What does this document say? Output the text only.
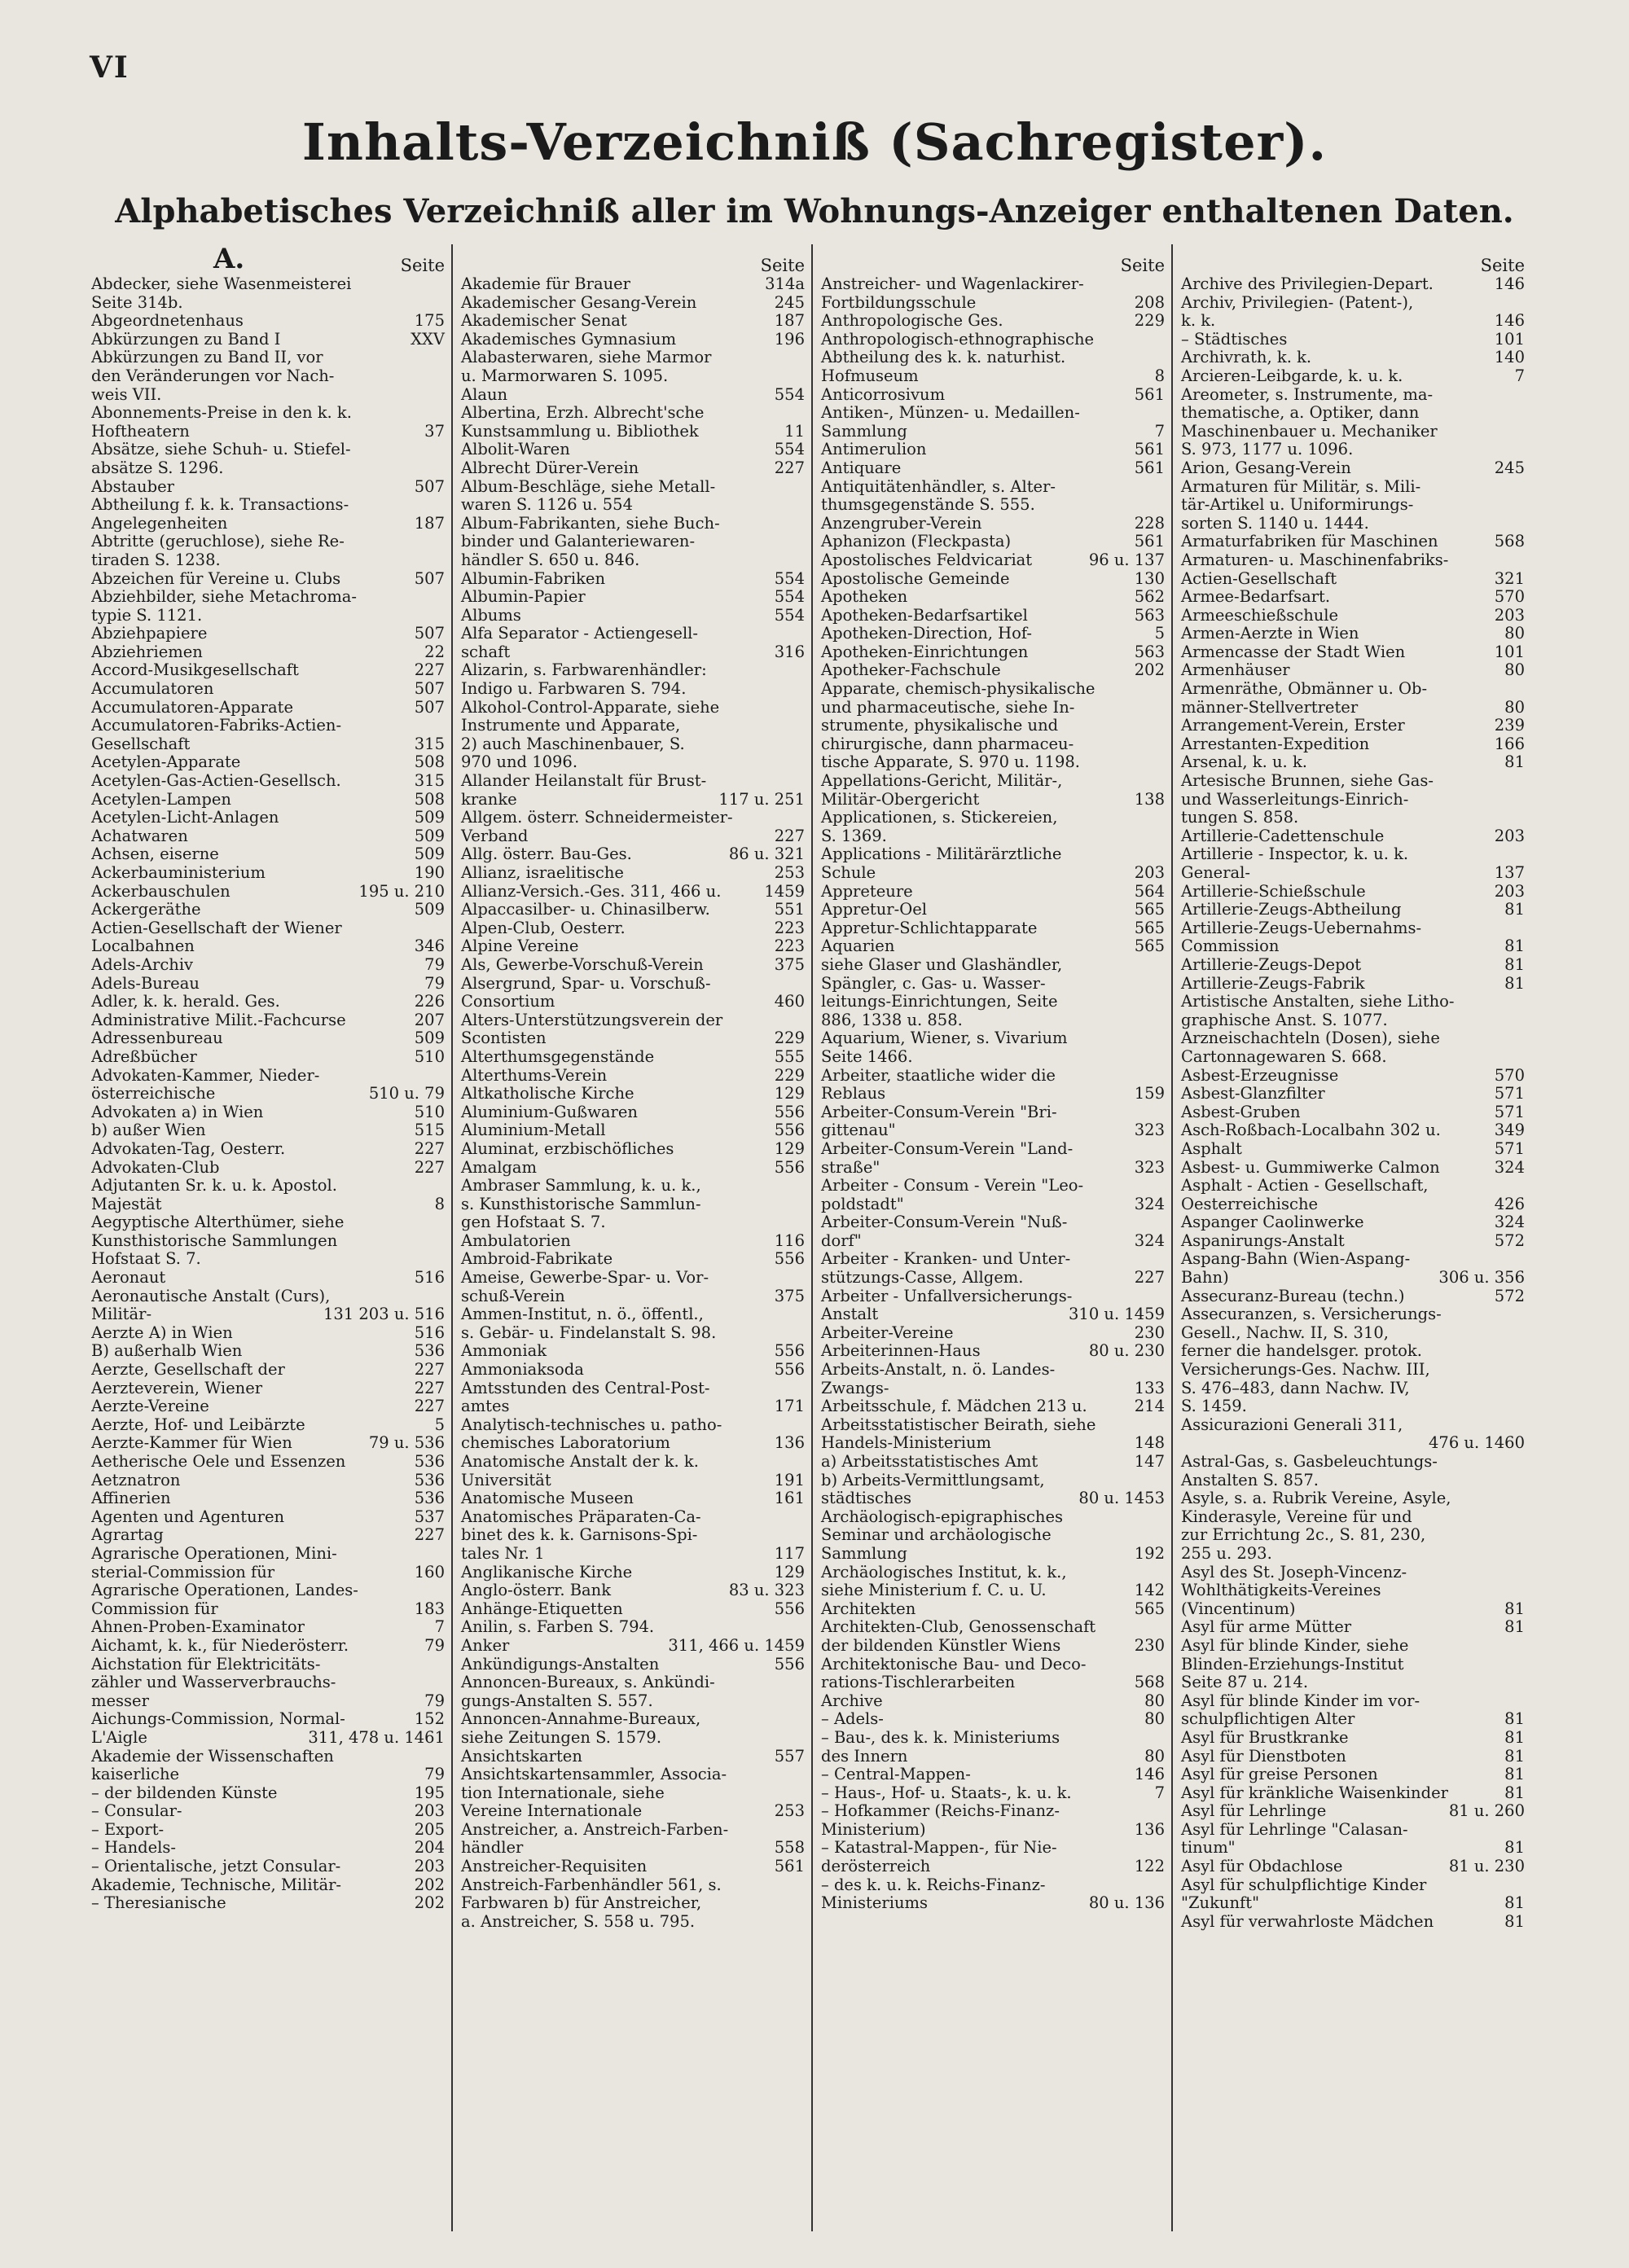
VI
Inhalts-Verzeichniß (Sachregister).
Alphabetisches Verzeichniß aller im Wohnungs-Anzeiger enthaltenen Daten.
A.	Seite
Abdecker, siehe Wasenmeisterei
Seite 314b.
Abgeordnetenhaus	175
Abkürzungen zu Band I	XXV
Abkürzungen zu Band II, vor
den Veränderungen vor Nach-
weis VII.
Abonnements-Preise in den k. k.
Hoftheatern	37
Absätze, siehe Schuh- u. Stiefel-
absätze S. 1296.
Abstauber	507
Abtheilung f. k. k. Transactions-
Angelegenheiten	187
Abtritte (geruchlose), siehe Re-
tiraden S. 1238.
Abzeichen für Vereine u. Clubs	507
Abziehbilder, siehe Metachroma-
typie S. 1121.
Abziehpapiere	507
Abziehriemen	22
Accord-Musikgesellschaft	227
Accumulatoren	507
Accumulatoren-Apparate	507
Accumulatoren-Fabriks-Actien-
Gesellschaft	315
Acetylen-Apparate	508
Acetylen-Gas-Actien-Gesellsch.	315
Acetylen-Lampen	508
Acetylen-Licht-Anlagen	509
Achatwaren	509
Achsen, eiserne	509
Ackerbauministerium	190
Ackerbauschulen	195 u. 210
Ackergeräthe	509
Actien-Gesellschaft der Wiener
Localbahnen	346
Adels-Archiv	79
Adels-Bureau	79
Adler, k. k. herald. Ges.	226
Administrative Milit.-Fachcurse	207
Adressenbureau	509
Adreßbücher	510
Advokaten-Kammer, Nieder-
österreichische	510 u. 79
Advokaten a) in Wien	510
b) außer Wien	515
Advokaten-Tag, Oesterr.	227
Advokaten-Club	227
Adjutanten Sr. k. u. k. Apostol.
Majestät	8
Aegyptische Alterthümer, siehe
Kunsthistorische Sammlungen
Hofstaat S. 7.
Aeronaut	516
Aeronautische Anstalt (Curs),
Militär-	131 203 u. 516
Aerzte A) in Wien	516
B) außerhalb Wien	536
Aerzte, Gesellschaft der	227
Aerzteverein, Wiener	227
Aerzte-Vereine	227
Aerzte, Hof- und Leibärzte	5
Aerzte-Kammer für Wien	79 u. 536
Aetherische Oele und Essenzen	536
Aetznatron	536
Affinerien	536
Agenten und Agenturen	537
Agrartag	227
Agrarische Operationen, Mini-
sterial-Commission für	160
Agrarische Operationen, Landes-
Commission für	183
Ahnen-Proben-Examinator	7
Aichamt, k. k., für Niederösterr.	79
Aichstation für Elektricitäts-
zähler und Wasserverbrauchs-
messer	79
Aichungs-Commission, Normal-	152
L'Aigle	311, 478 u. 1461
Akademie der Wissenschaften
kaiserliche	79
– der bildenden Künste	195
– Consular-	203
– Export-	205
– Handels-	204
– Orientalische, jetzt Consular-	203
Akademie, Technische, Militär-	202
– Theresianische	202
Seite
Akademie für Brauer	314a
Akademischer Gesang-Verein	245
Akademischer Senat	187
Akademisches Gymnasium	196
Alabasterwaren, siehe Marmor
u. Marmorwaren S. 1095.
Alaun	554
Albertina, Erzh. Albrecht'sche
Kunstsammlung u. Bibliothek	11
Albolit-Waren	554
Albrecht Dürer-Verein	227
Album-Beschläge, siehe Metall-
waren S. 1126 u. 554
Album-Fabrikanten, siehe Buch-
binder und Galanteriewaren-
händler S. 650 u. 846.
Albumin-Fabriken	554
Albumin-Papier	554
Albums	554
Alfa Separator - Actiengesell-
schaft	316
Alizarin, s. Farbwarenhändler:
Indigo u. Farbwaren S. 794.
Alkohol-Control-Apparate, siehe
Instrumente und Apparate,
2) auch Maschinenbauer, S.
970 und 1096.
Allander Heilanstalt für Brust-
kranke	117 u. 251
Allgem. österr. Schneidermeister-
Verband	227
Allg. österr. Bau-Ges.	86 u. 321
Allianz, israelitische	253
Allianz-Versich.-Ges. 311, 466 u.	1459
Alpaccasilber- u. Chinasilberw.	551
Alpen-Club, Oesterr.	223
Alpine Vereine	223
Als, Gewerbe-Vorschuß-Verein	375
Alsergrund, Spar- u. Vorschuß-
Consortium	460
Alters-Unterstützungsverein der
Scontisten	229
Alterthumsgegenstände	555
Alterthums-Verein	229
Altkatholische Kirche	129
Aluminium-Gußwaren	556
Aluminium-Metall	556
Aluminat, erzbischöfliches	129
Amalgam	556
Ambraser Sammlung, k. u. k.,
s. Kunsthistorische Sammlun-
gen Hofstaat S. 7.
Ambulatorien	116
Ambroid-Fabrikate	556
Ameise, Gewerbe-Spar- u. Vor-
schuß-Verein	375
Ammen-Institut, n. ö., öffentl.,
s. Gebär- u. Findelanstalt S. 98.
Ammoniak	556
Ammoniaksoda	556
Amtsstunden des Central-Post-
amtes	171
Analytisch-technisches u. patho-
chemisches Laboratorium	136
Anatomische Anstalt der k. k.
Universität	191
Anatomische Museen	161
Anatomisches Präparaten-Ca-
binet des k. k. Garnisons-Spi-
tales Nr. 1	117
Anglikanische Kirche	129
Anglo-österr. Bank	83 u. 323
Anhänge-Etiquetten	556
Anilin, s. Farben S. 794.
Anker	311, 466 u. 1459
Ankündigungs-Anstalten	556
Annoncen-Bureaux, s. Ankündi-
gungs-Anstalten S. 557.
Annoncen-Annahme-Bureaux,
siehe Zeitungen S. 1579.
Ansichtskarten	557
Ansichtskartensammler, Associa-
tion Internationale, siehe
Vereine Internationale	253
Anstreicher, a. Anstreich-Farben-
händler	558
Anstreicher-Requisiten	561
Anstreich-Farbenhändler 561, s.
Farbwaren b) für Anstreicher,
a. Anstreicher, S. 558 u. 795.
Seite
Anstreicher- und Wagenlackirer-
Fortbildungsschule	208
Anthropologische Ges.	229
Anthropologisch-ethnographische
Abtheilung des k. k. naturhist.
Hofmuseum	8
Anticorrosivum	561
Antiken-, Münzen- u. Medaillen-
Sammlung	7
Antimerulion	561
Antiquare	561
Antiquitätenhändler, s. Alter-
thumsgegenstände S. 555.
Anzengruber-Verein	228
Aphanizon (Fleckpasta)	561
Apostolisches Feldvicariat	96 u. 137
Apostolische Gemeinde	130
Apotheken	562
Apotheken-Bedarfsartikel	563
Apotheken-Direction, Hof-	5
Apotheken-Einrichtungen	563
Apotheker-Fachschule	202
Apparate, chemisch-physikalische
und pharmaceutische, siehe In-
strumente, physikalische und
chirurgische, dann pharmaceu-
tische Apparate, S. 970 u. 1198.
Appellations-Gericht, Militär-,
Militär-Obergericht	138
Applicationen, s. Stickereien,
S. 1369.
Applications - Militärärztliche
Schule	203
Appreteure	564
Appretur-Oel	565
Appretur-Schlichtapparate	565
Aquarien	565
siehe Glaser und Glashändler,
Spängler, c. Gas- u. Wasser-
leitungs-Einrichtungen, Seite
886, 1338 u. 858.
Aquarium, Wiener, s. Vivarium
Seite 1466.
Arbeiter, staatliche wider die
Reblaus	159
Arbeiter-Consum-Verein "Bri-
gittenau"	323
Arbeiter-Consum-Verein "Land-
straße"	323
Arbeiter - Consum - Verein "Leo-
poldstadt"	324
Arbeiter-Consum-Verein "Nuß-
dorf"	324
Arbeiter - Kranken- und Unter-
stützungs-Casse, Allgem.	227
Arbeiter - Unfallversicherungs-
Anstalt	310 u. 1459
Arbeiter-Vereine	230
Arbeiterinnen-Haus	80 u. 230
Arbeits-Anstalt, n. ö. Landes-
Zwangs-	133
Arbeitsschule, f. Mädchen 213 u.	214
Arbeitsstatistischer Beirath, siehe
Handels-Ministerium	148
a) Arbeitsstatistisches Amt	147
b) Arbeits-Vermittlungsamt,
städtisches	80 u. 1453
Archäologisch-epigraphisches
Seminar und archäologische
Sammlung	192
Archäologisches Institut, k. k.,
siehe Ministerium f. C. u. U.	142
Architekten	565
Architekten-Club, Genossenschaft
der bildenden Künstler Wiens	230
Architektonische Bau- und Deco-
rations-Tischlerarbeiten	568
Archive	80
– Adels-	80
– Bau-, des k. k. Ministeriums
des Innern	80
– Central-Mappen-	146
– Haus-, Hof- u. Staats-, k. u. k.	7
– Hofkammer (Reichs-Finanz-
Ministerium)	136
– Katastral-Mappen-, für Nie-
derösterreich	122
– des k. u. k. Reichs-Finanz-
Ministeriums	80 u. 136
Seite
Archive des Privilegien-Depart.	146
Archiv, Privilegien- (Patent-),
k. k.	146
– Städtisches	101
Archivrath, k. k.	140
Arcieren-Leibgarde, k. u. k.	7
Areometer, s. Instrumente, ma-
thematische, a. Optiker, dann
Maschinenbauer u. Mechaniker
S. 973, 1177 u. 1096.
Arion, Gesang-Verein	245
Armaturen für Militär, s. Mili-
tär-Artikel u. Uniformirungs-
sorten S. 1140 u. 1444.
Armaturfabriken für Maschinen	568
Armaturen- u. Maschinenfabriks-
Actien-Gesellschaft	321
Armee-Bedarfsart.	570
Armeeschießschule	203
Armen-Aerzte in Wien	80
Armencasse der Stadt Wien	101
Armenhäuser	80
Armenräthe, Obmänner u. Ob-
männer-Stellvertreter	80
Arrangement-Verein, Erster	239
Arrestanten-Expedition	166
Arsenal, k. u. k.	81
Artesische Brunnen, siehe Gas-
und Wasserleitungs-Einrich-
tungen S. 858.
Artillerie-Cadettenschule	203
Artillerie - Inspector, k. u. k.
General-	137
Artillerie-Schießschule	203
Artillerie-Zeugs-Abtheilung	81
Artillerie-Zeugs-Uebernahms-
Commission	81
Artillerie-Zeugs-Depot	81
Artillerie-Zeugs-Fabrik	81
Artistische Anstalten, siehe Litho-
graphische Anst. S. 1077.
Arzneischachteln (Dosen), siehe
Cartonnagewaren S. 668.
Asbest-Erzeugnisse	570
Asbest-Glanzfilter	571
Asbest-Gruben	571
Asch-Roßbach-Localbahn 302 u.	349
Asphalt	571
Asbest- u. Gummiwerke Calmon	324
Asphalt - Actien - Gesellschaft,
Oesterreichische	426
Aspanger Caolinwerke	324
Aspanirungs-Anstalt	572
Aspang-Bahn (Wien-Aspang-
Bahn)	306 u. 356
Assecuranz-Bureau (techn.)	572
Assecuranzen, s. Versicherungs-
Gesell., Nachw. II, S. 310,
ferner die handelsger. protok.
Versicherungs-Ges. Nachw. III,
S. 476–483, dann Nachw. IV,
S. 1459.
Assicurazioni Generali 311,
476 u. 1460
Astral-Gas, s. Gasbeleuchtungs-
Anstalten S. 857.
Asyle, s. a. Rubrik Vereine, Asyle,
Kinderasyle, Vereine für und
zur Errichtung 2c., S. 81, 230,
255 u. 293.
Asyl des St. Joseph-Vincenz-
Wohlthätigkeits-Vereines
(Vincentinum)	81
Asyl für arme Mütter	81
Asyl für blinde Kinder, siehe
Blinden-Erziehungs-Institut
Seite 87 u. 214.
Asyl für blinde Kinder im vor-
schulpflichtigen Alter	81
Asyl für Brustkranke	81
Asyl für Dienstboten	81
Asyl für greise Personen	81
Asyl für kränkliche Waisenkinder	81
Asyl für Lehrlinge	81 u. 260
Asyl für Lehrlinge "Calasan-
tinum"	81
Asyl für Obdachlose	81 u. 230
Asyl für schulpflichtige Kinder
"Zukunft"	81
Asyl für verwahrloste Mädchen	81
